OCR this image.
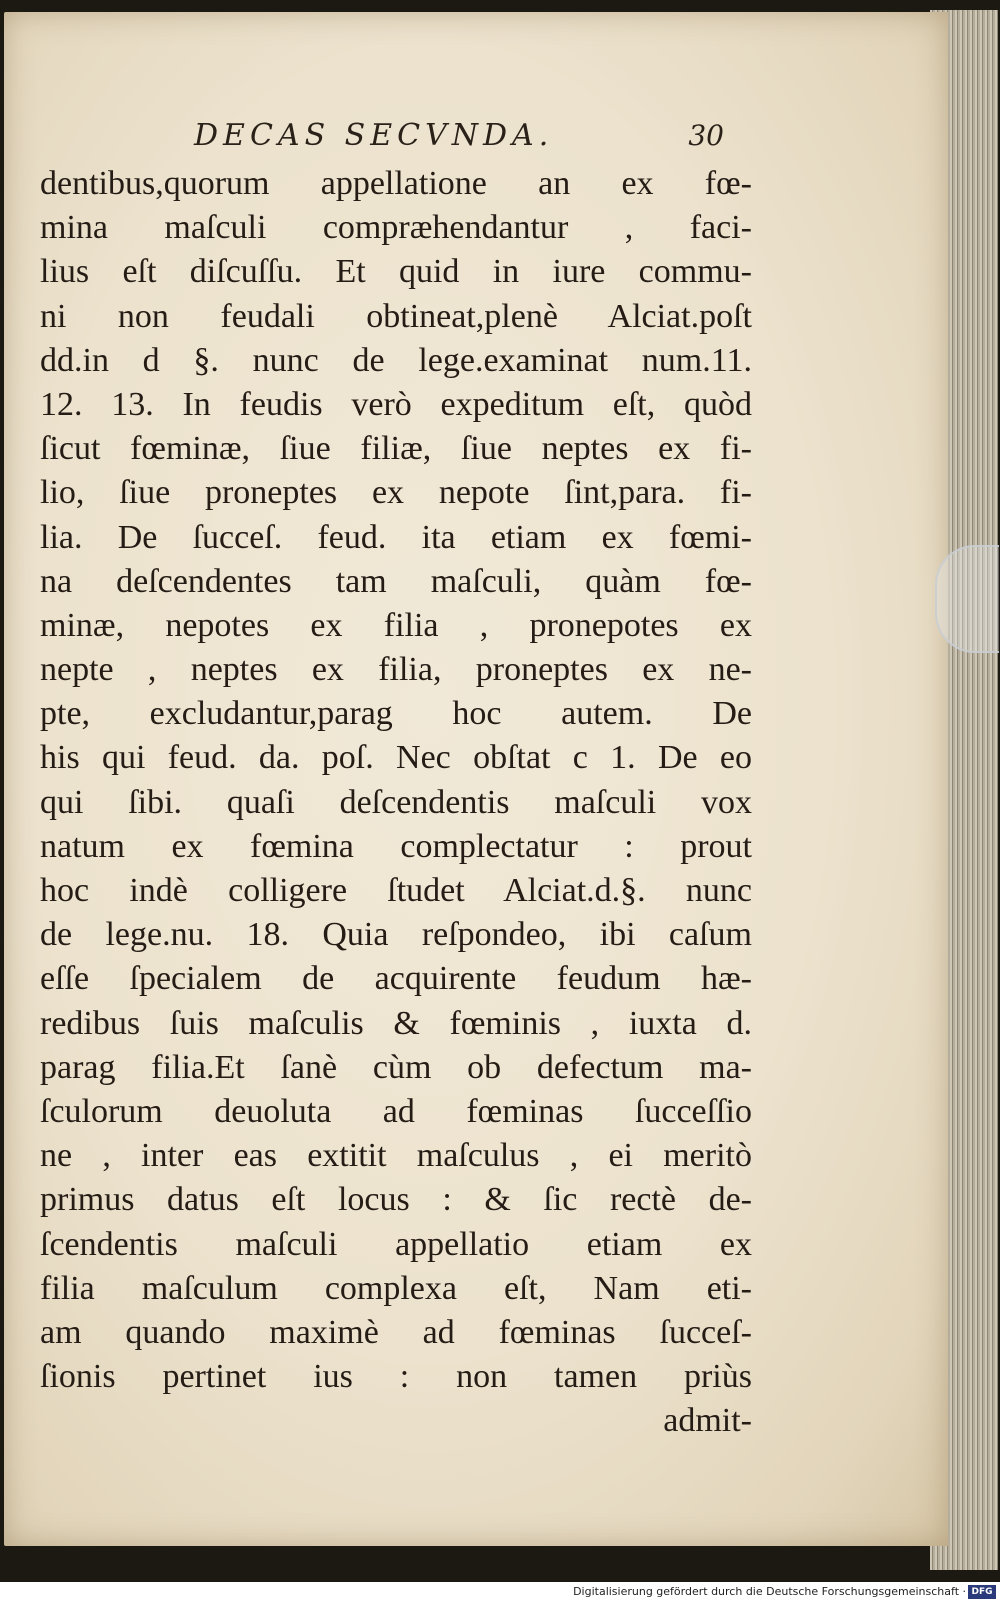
DECAS SECVNDA.	30
dentibus,quorum appellatione an ex fœ-
mina maſculi compræhendantur , faci-
lius eſt diſcuſſu. Et quid in iure commu-
ni non feudali obtineat,plenè Alciat.poſt
dd.in d §. nunc de lege.examinat num.11.
12. 13. In feudis verò expeditum eſt, quòd
ſicut fœminæ, ſiue filiæ, ſiue neptes ex fi-
lio, ſiue proneptes ex nepote ſint,para. fi-
lia. De ſucceſ. feud. ita etiam ex fœmi-
na deſcendentes tam maſculi, quàm fœ-
minæ, nepotes ex filia , pronepotes ex
nepte , neptes ex filia, proneptes ex ne-
pte, excludantur,parag hoc autem. De
his qui feud. da. poſ. Nec obſtat c 1. De eo
qui ſibi. quaſi deſcendentis maſculi vox
natum ex fœmina complectatur : prout
hoc indè colligere ſtudet Alciat.d.§. nunc
de lege.nu. 18. Quia reſpondeo, ibi caſum
eſſe ſpecialem de acquirente feudum hæ-
redibus ſuis maſculis & fœminis , iuxta d.
parag filia.Et ſanè cùm ob defectum ma-
ſculorum deuoluta ad fœminas ſucceſſio
ne , inter eas extitit maſculus , ei meritò
primus datus eſt locus : & ſic rectè de-
ſcendentis maſculi appellatio etiam ex
filia maſculum complexa eſt, Nam eti-
am quando maximè ad fœminas ſucceſ-
ſionis pertinet ius : non tamen priùs
admit-
Digitalisierung gefördert durch die Deutsche Forschungsgemeinschaft · DFG
